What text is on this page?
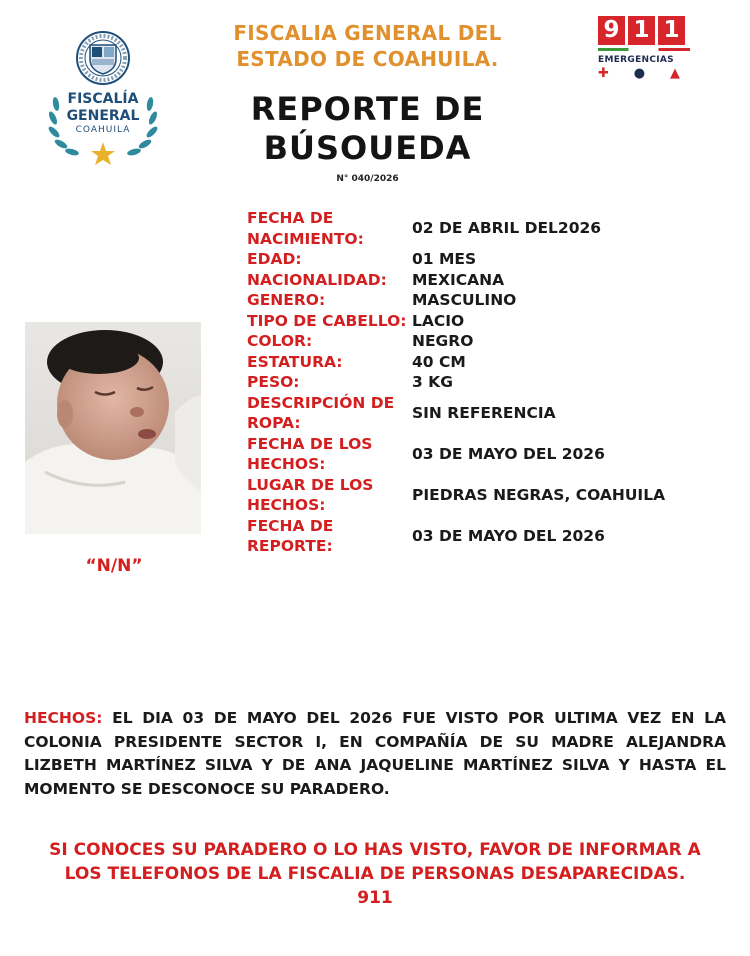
FISCALÍA
GENERAL
COAHUILA
FISCALIA GENERAL DEL
ESTADO DE COAHUILA.
REPORTE DE
BÚSOUEDA
N° 040/2026
9 1 1
EMERGENCIAS
✚ ● ▲
“N/N”
FECHA DE NACIMIENTO:
02 DE ABRIL DEL2026
EDAD:	01 MES
NACIONALIDAD:	MEXICANA
GENERO:	MASCULINO
TIPO DE CABELLO: LACIO
COLOR:	NEGRO
ESTATURA:	40 CM
PESO:	3 KG
DESCRIPCIÓN DE ROPA:
SIN REFERENCIA
FECHA DE LOS HECHOS:
03 DE MAYO DEL 2026
LUGAR DE LOS HECHOS:
PIEDRAS NEGRAS, COAHUILA
FECHA DE REPORTE:
03 DE MAYO DEL 2026
HECHOS: EL DIA 03 DE MAYO DEL 2026 FUE VISTO POR ULTIMA VEZ EN LA COLONIA PRESIDENTE SECTOR I, EN COMPAÑÍA DE SU MADRE ALEJANDRA LIZBETH MARTÍNEZ SILVA Y DE ANA JAQUELINE MARTÍNEZ SILVA Y HASTA EL MOMENTO SE DESCONOCE SU PARADERO.
SI CONOCES SU PARADERO O LO HAS VISTO, FAVOR DE INFORMAR A
LOS TELEFONOS DE LA FISCALIA DE PERSONAS DESAPARECIDAS.
911
